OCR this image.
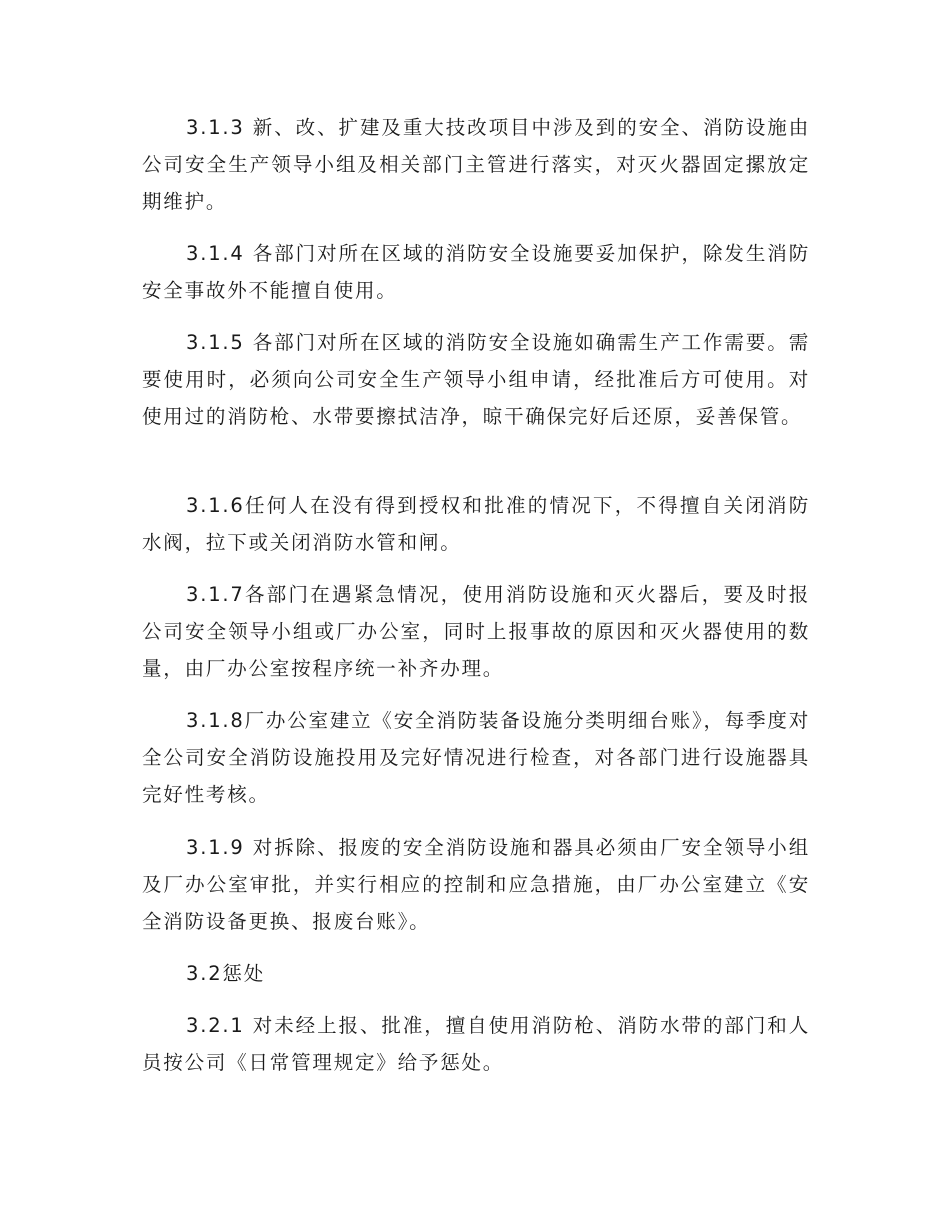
3.1.3 新、改、扩建及重大技改项目中涉及到的安全、消防设施由公司安全生产领导小组及相关部门主管进行落实，对灭火器固定摞放定期维护。

3.1.4 各部门对所在区域的消防安全设施要妥加保护，除发生消防安全事故外不能擅自使用。

3.1.5 各部门对所在区域的消防安全设施如确需生产工作需要。需要使用时，必须向公司安全生产领导小组申请，经批准后方可使用。对使用过的消防枪、水带要擦拭洁净，晾干确保完好后还原，妥善保管。

3.1.6任何人在没有得到授权和批准的情况下，不得擅自关闭消防水阀，拉下或关闭消防水管和闸。

3.1.7各部门在遇紧急情况，使用消防设施和灭火器后，要及时报公司安全领导小组或厂办公室，同时上报事故的原因和灭火器使用的数量，由厂办公室按程序统一补齐办理。

3.1.8厂办公室建立《安全消防装备设施分类明细台账》，每季度对全公司安全消防设施投用及完好情况进行检查，对各部门进行设施器具完好性考核。

3.1.9 对拆除、报废的安全消防设施和器具必须由厂安全领导小组及厂办公室审批，并实行相应的控制和应急措施，由厂办公室建立《安全消防设备更换、报废台账》。

3.2惩处

3.2.1 对未经上报、批准，擅自使用消防枪、消防水带的部门和人员按公司《日常管理规定》给予惩处。
